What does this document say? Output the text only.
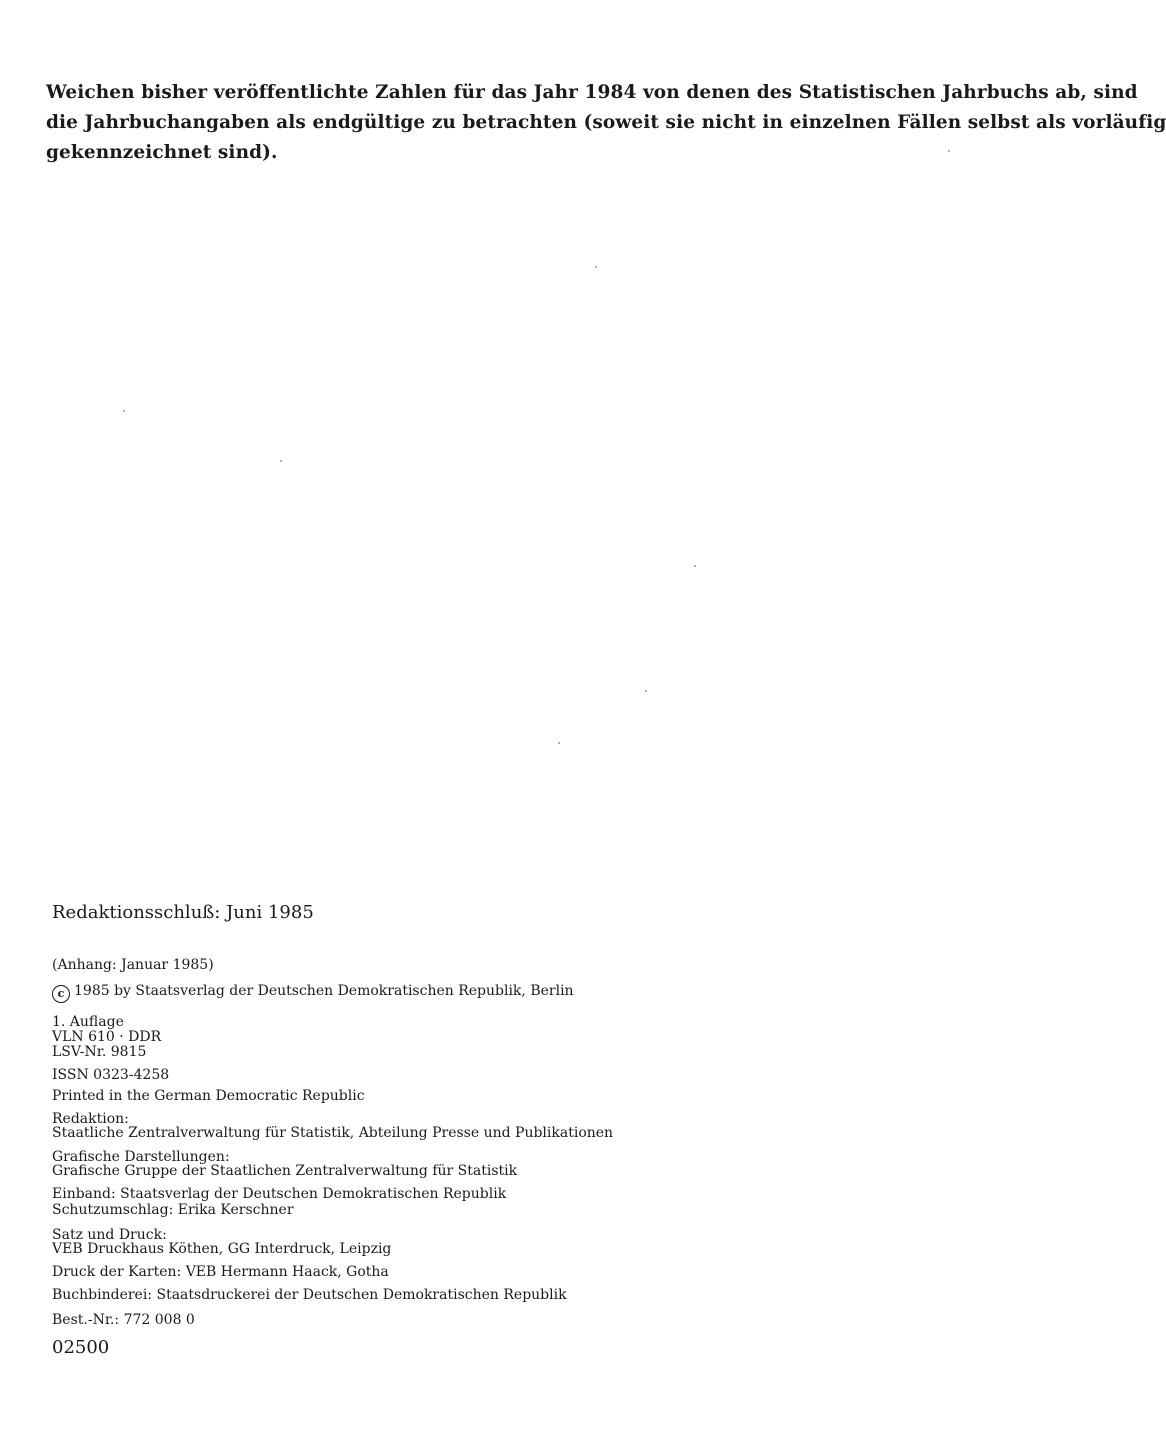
Weichen bisher veröffentlichte Zahlen für das Jahr 1984 von denen des Statistischen Jahrbuchs ab, sind
die Jahrbuchangaben als endgültige zu betrachten (soweit sie nicht in einzelnen Fällen selbst als vorläufig
gekennzeichnet sind).

Redaktionsschluß: Juni 1985

(Anhang: Januar 1985)

c 1985 by Staatsverlag der Deutschen Demokratischen Republik, Berlin

1. Auflage

VLN 610 · DDR

LSV-Nr. 9815

ISSN 0323-4258

Printed in the German Democratic Republic

Redaktion:

Staatliche Zentralverwaltung für Statistik, Abteilung Presse und Publikationen

Grafische Darstellungen:

Grafische Gruppe der Staatlichen Zentralverwaltung für Statistik

Einband: Staatsverlag der Deutschen Demokratischen Republik

Schutzumschlag: Erika Kerschner

Satz und Druck:

VEB Druckhaus Köthen, GG Interdruck, Leipzig

Druck der Karten: VEB Hermann Haack, Gotha

Buchbinderei: Staatsdruckerei der Deutschen Demokratischen Republik

Best.-Nr.: 772 008 0

02500
